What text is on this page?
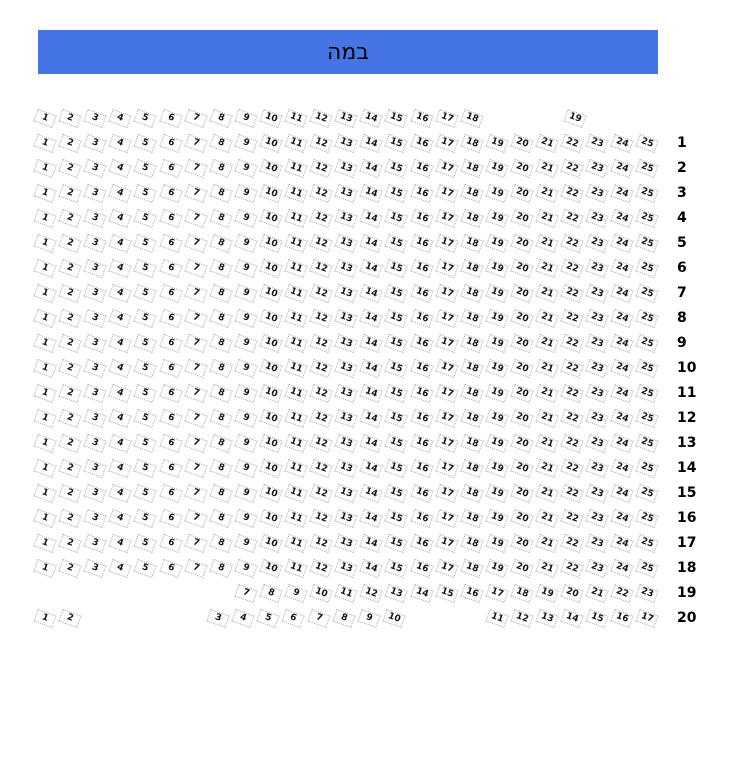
במה
1	2	3	4	5	6	7	8	9	10	11	12	13	14	15	16	17	18	19
1	2	3	4	5	6	7	8	9	10	11	12	13	14	15	16	17	18	19	20	21	22	23	24	25 1
1	2	3	4	5	6	7	8	9	10	11	12	13	14	15	16	17	18	19	20	21	22	23	24	25 2
1	2	3	4	5	6	7	8	9	10	11	12	13	14	15	16	17	18	19	20	21	22	23	24	25 3
1	2	3	4	5	6	7	8	9	10	11	12	13	14	15	16	17	18	19	20	21	22	23	24	25 4
1	2	3	4	5	6	7	8	9	10	11	12	13	14	15	16	17	18	19	20	21	22	23	24	25 5
1	2	3	4	5	6	7	8	9	10	11	12	13	14	15	16	17	18	19	20	21	22	23	24	25 6
1	2	3	4	5	6	7	8	9	10	11	12	13	14	15	16	17	18	19	20	21	22	23	24	25 7
1	2	3	4	5	6	7	8	9	10	11	12	13	14	15	16	17	18	19	20	21	22	23	24	25 8
1	2	3	4	5	6	7	8	9	10	11	12	13	14	15	16	17	18	19	20	21	22	23	24	25 9
1	2	3	4	5	6	7	8	9	10	11	12	13	14	15	16	17	18	19	20	21	22	23	24	25 10
1	2	3	4	5	6	7	8	9	10	11	12	13	14	15	16	17	18	19	20	21	22	23	24	25 11
1	2	3	4	5	6	7	8	9	10	11	12	13	14	15	16	17	18	19	20	21	22	23	24	25 12
1	2	3	4	5	6	7	8	9	10	11	12	13	14	15	16	17	18	19	20	21	22	23	24	25 13
1	2	3	4	5	6	7	8	9	10	11	12	13	14	15	16	17	18	19	20	21	22	23	24	25 14
1	2	3	4	5	6	7	8	9	10	11	12	13	14	15	16	17	18	19	20	21	22	23	24	25 15
1	2	3	4	5	6	7	8	9	10	11	12	13	14	15	16	17	18	19	20	21	22	23	24	25 16
1	2	3	4	5	6	7	8	9	10	11	12	13	14	15	16	17	18	19	20	21	22	23	24	25 17
1	2	3	4	5	6	7	8	9	10	11	12	13	14	15	16	17	18	19	20	21	22	23	24	25 18
7	8	9	10	11	12	13	14	15	16	17	18	19	20	21	22	23 19
1	2	3	4	5	6	7	8	9	10	11	12	13	14	15	16	17 20
